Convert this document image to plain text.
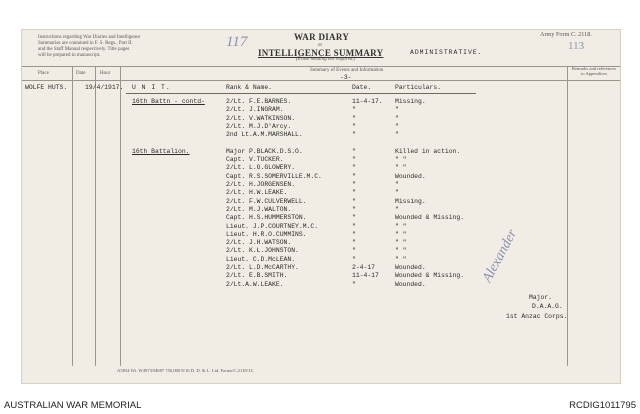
Instructions regarding War Diaries and Intelligence
Summaries are contained in F. S. Regs., Part II.
and the Staff Manual respectively. Title pages
will be prepared in manuscript.
WAR DIARY
or
INTELLIGENCE SUMMARY	ADMINISTRATIVE.
(Erase heading not required.)
Army Form C. 2118.
117	113
Place	Date	Hour
Summary of Events and Information
-3-
Remarks and references to Appendices
WOLFE HUTS.	19/4/1917. U N I T.	Rank & Name.	Date.	Particulars.
16th Battn - contd-	2/Lt. F.E.BARNES.	11-4-17. Missing.
2/Lt. J.INGRAM.	"	"
2/Lt. V.WATKINSON.	"	"
2/Lt. M.J.D'Arcy.	"	"
2nd Lt.A.M.MARSHALL.	"	"
16th Battalion.	Major P.BLACK.D.S.O.	"	Killed in action.
Capt. V.TUCKER.	"	" "
2/Lt. L.G.GLOWERY.	"	" "
Capt. R.S.SOMERVILLE.M.C.	"	Wounded.
2/Lt. H.JORGENSEN.	"	"
2/Lt. H.W.LEAKE.	"	"
2/Lt. F.W.CULVERWELL.	"	Missing.
2/Lt. M.J.WALTON.	"	"
Capt. H.S.HUMMERSTON.	"	Wounded & Missing.
Lieut. J.P.COURTNEY.M.C.	"	" "
Lieut. H.R.O.CUMMINS.	"	" "
2/Lt. J.H.WATSON.	"	" "
2/Lt. K.L.JOHNSTON.	"	" "
Lieut. C.D.McLEAN.	"	" "
2/Lt. L.D.McCARTHY.	2-4-17	Wounded.
2/Lt. E.B.SMITH.	11-4-17	Wounded & Missing.
2/Lt.A.W.LEAKE.	"	Wounded.	Alexander
Major.
D.A.A.G.
1st Anzac Corps.
A5834 Wt. W4973/M687 750,000 8/16 D. D. & L. Ltd. Forms/C.2118/13.
AUSTRALIAN WAR MEMORIAL	RCDIG1011795
